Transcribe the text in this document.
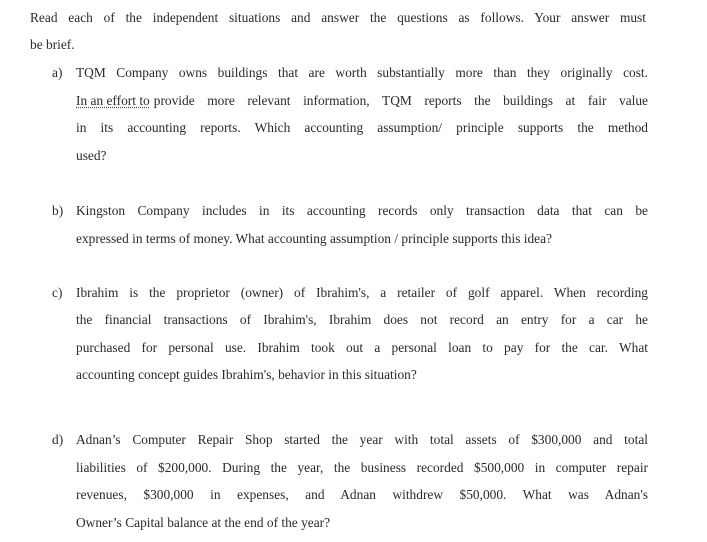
Read each of the independent situations and answer the questions as follows. Your answer must
be brief.
a) TQM Company owns buildings that are worth substantially more than they originally cost.
In an effort to provide more relevant information, TQM reports the buildings at fair value
in its accounting reports. Which accounting assumption/ principle supports the method
used?
b) Kingston Company includes in its accounting records only transaction data that can be
expressed in terms of money. What accounting assumption / principle supports this idea?
c) Ibrahim is the proprietor (owner) of Ibrahim's, a retailer of golf apparel. When recording
the financial transactions of Ibrahim's, Ibrahim does not record an entry for a car he
purchased for personal use. Ibrahim took out a personal loan to pay for the car. What
accounting concept guides Ibrahim's, behavior in this situation?
d) Adnan’s Computer Repair Shop started the year with total assets of $300,000 and total
liabilities of $200,000. During the year, the business recorded $500,000 in computer repair
revenues, $300,000 in expenses, and Adnan withdrew $50,000. What was Adnan's
Owner’s Capital balance at the end of the year?
